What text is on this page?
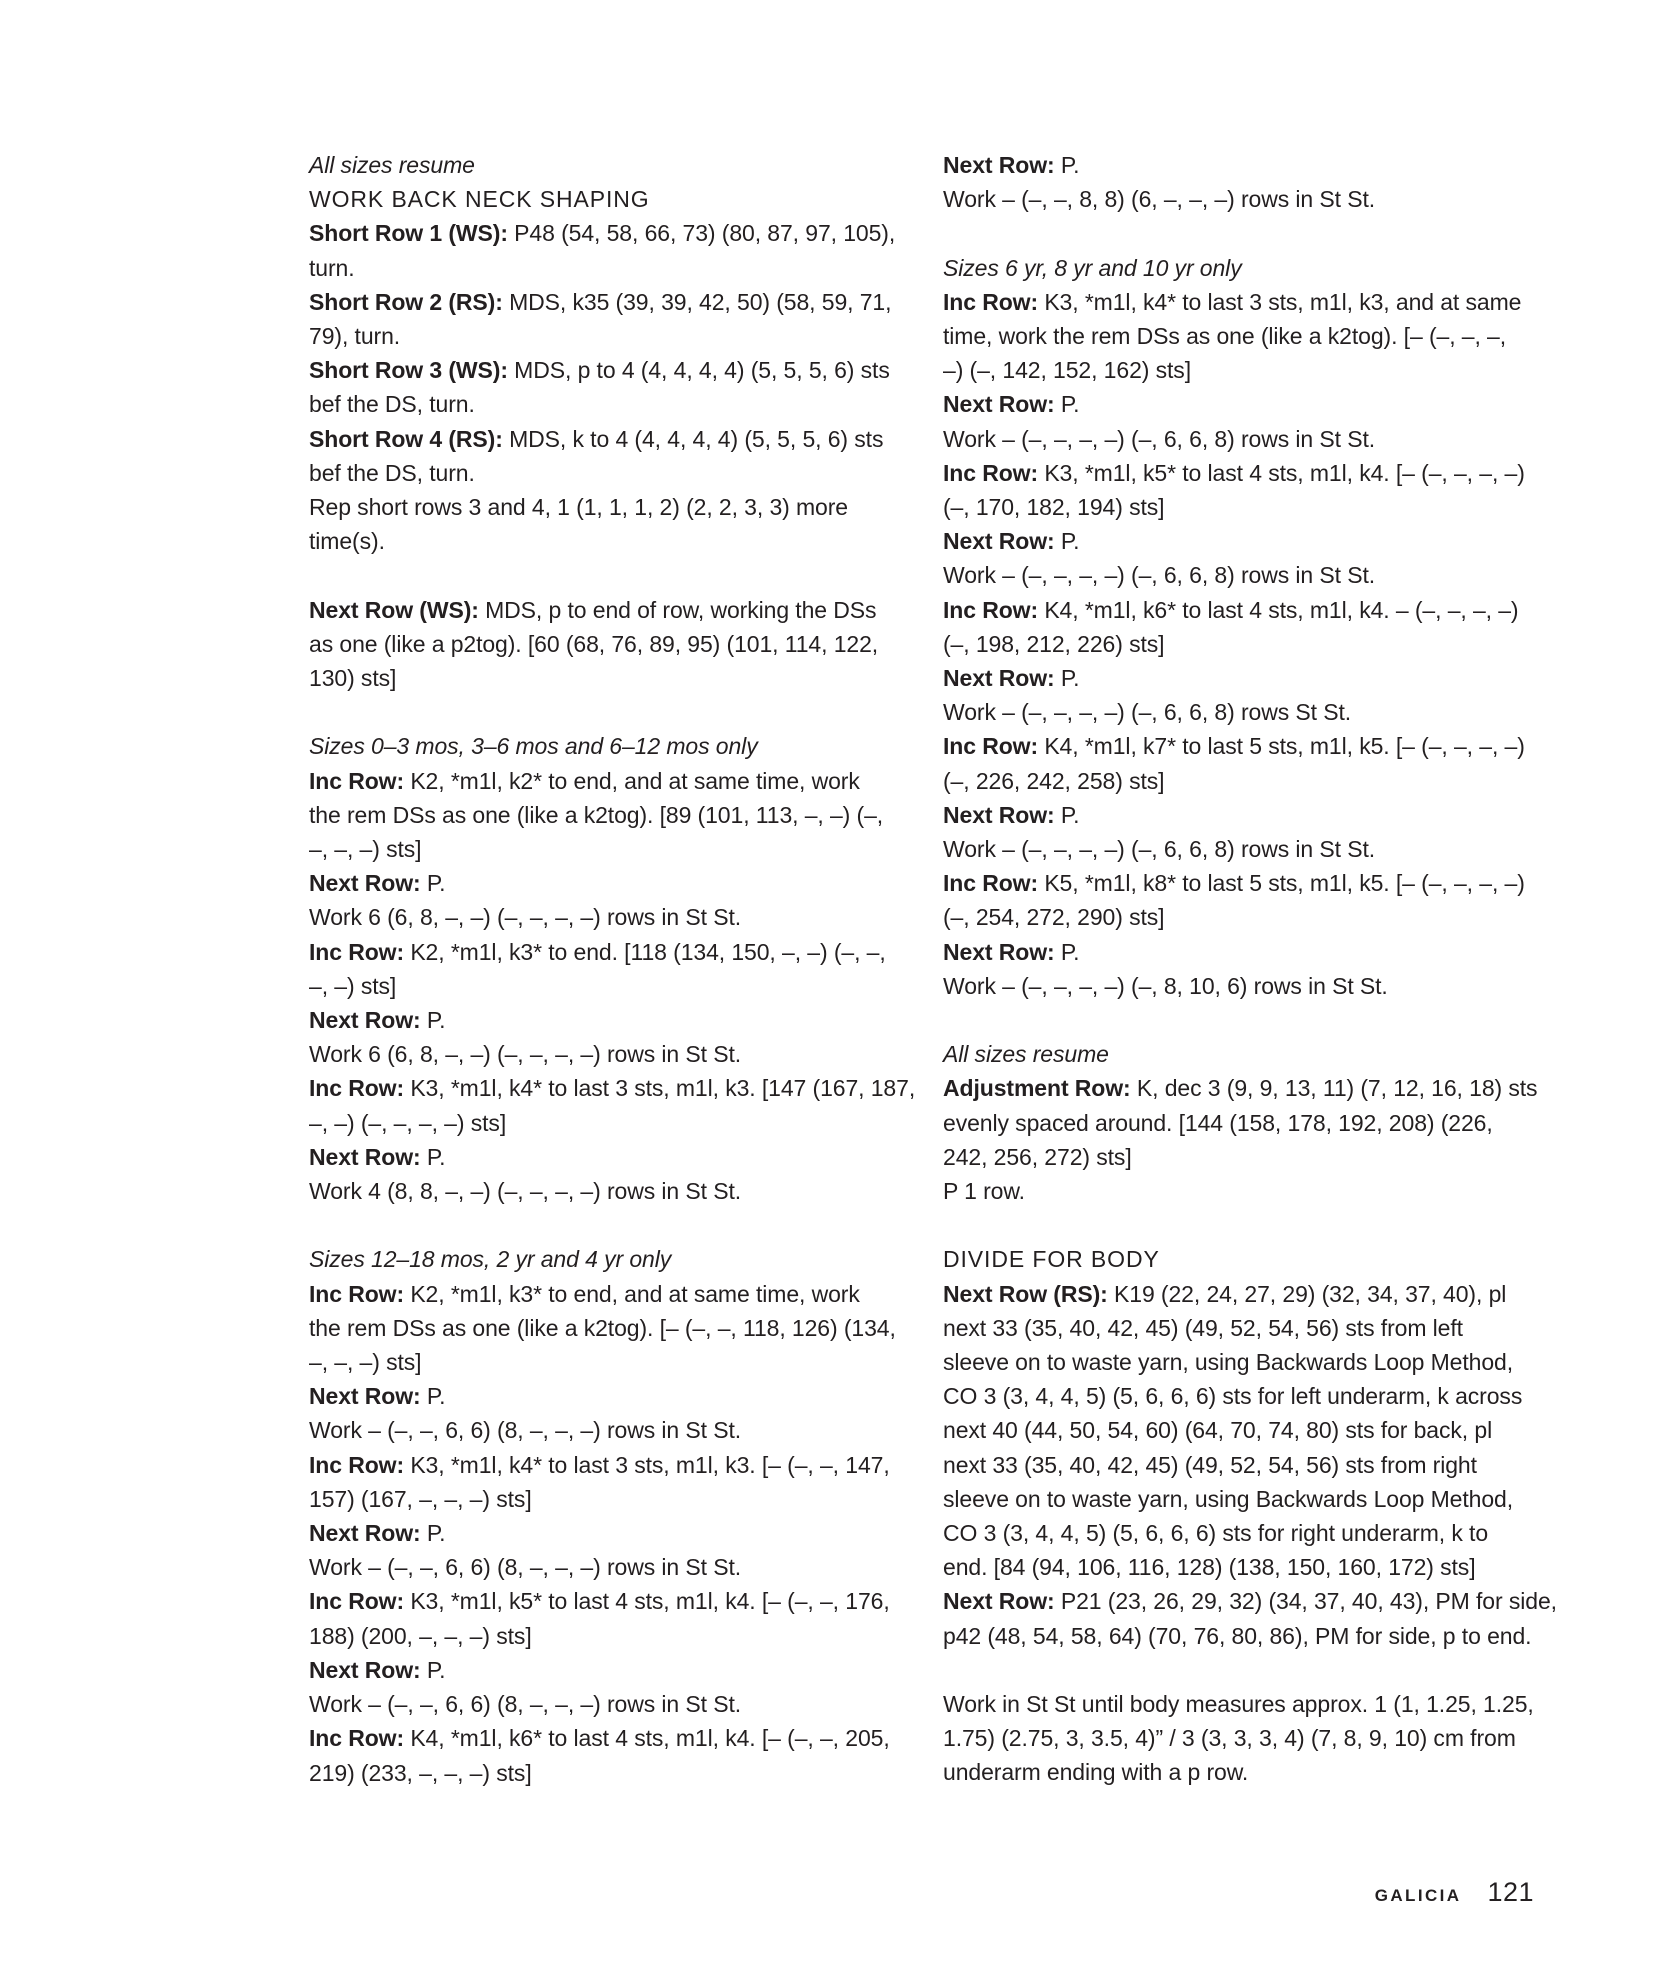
All sizes resume
WORK BACK NECK SHAPING
Short Row 1 (WS): P48 (54, 58, 66, 73) (80, 87, 97, 105),
turn.
Short Row 2 (RS): MDS, k35 (39, 39, 42, 50) (58, 59, 71,
79), turn.
Short Row 3 (WS): MDS, p to 4 (4, 4, 4, 4) (5, 5, 5, 6) sts
bef the DS, turn.
Short Row 4 (RS): MDS, k to 4 (4, 4, 4, 4) (5, 5, 5, 6) sts
bef the DS, turn.
Rep short rows 3 and 4, 1 (1, 1, 1, 2) (2, 2, 3, 3) more
time(s).
Next Row (WS): MDS, p to end of row, working the DSs
as one (like a p2tog). [60 (68, 76, 89, 95) (101, 114, 122,
130) sts]
Sizes 0–3 mos, 3–6 mos and 6–12 mos only
Inc Row: K2, *m1l, k2* to end, and at same time, work
the rem DSs as one (like a k2tog). [89 (101, 113, –, –) (–,
–, –, –) sts]
Next Row: P.
Work 6 (6, 8, –, –) (–, –, –, –) rows in St St.
Inc Row: K2, *m1l, k3* to end. [118 (134, 150, –, –) (–, –,
–, –) sts]
Next Row: P.
Work 6 (6, 8, –, –) (–, –, –, –) rows in St St.
Inc Row: K3, *m1l, k4* to last 3 sts, m1l, k3. [147 (167, 187,
–, –) (–, –, –, –) sts]
Next Row: P.
Work 4 (8, 8, –, –) (–, –, –, –) rows in St St.
Sizes 12–18 mos, 2 yr and 4 yr only
Inc Row: K2, *m1l, k3* to end, and at same time, work
the rem DSs as one (like a k2tog). [– (–, –, 118, 126) (134,
–, –, –) sts]
Next Row: P.
Work – (–, –, 6, 6) (8, –, –, –) rows in St St.
Inc Row: K3, *m1l, k4* to last 3 sts, m1l, k3. [– (–, –, 147,
157) (167, –, –, –) sts]
Next Row: P.
Work – (–, –, 6, 6) (8, –, –, –) rows in St St.
Inc Row: K3, *m1l, k5* to last 4 sts, m1l, k4. [– (–, –, 176,
188) (200, –, –, –) sts]
Next Row: P.
Work – (–, –, 6, 6) (8, –, –, –) rows in St St.
Inc Row: K4, *m1l, k6* to last 4 sts, m1l, k4. [– (–, –, 205,
219) (233, –, –, –) sts]
Next Row: P.
Work – (–, –, 8, 8) (6, –, –, –) rows in St St.
Sizes 6 yr, 8 yr and 10 yr only
Inc Row: K3, *m1l, k4* to last 3 sts, m1l, k3, and at same
time, work the rem DSs as one (like a k2tog). [– (–, –, –,
–) (–, 142, 152, 162) sts]
Next Row: P.
Work – (–, –, –, –) (–, 6, 6, 8) rows in St St.
Inc Row: K3, *m1l, k5* to last 4 sts, m1l, k4. [– (–, –, –, –)
(–, 170, 182, 194) sts]
Next Row: P.
Work – (–, –, –, –) (–, 6, 6, 8) rows in St St.
Inc Row: K4, *m1l, k6* to last 4 sts, m1l, k4. – (–, –, –, –)
(–, 198, 212, 226) sts]
Next Row: P.
Work – (–, –, –, –) (–, 6, 6, 8) rows St St.
Inc Row: K4, *m1l, k7* to last 5 sts, m1l, k5. [– (–, –, –, –)
(–, 226, 242, 258) sts]
Next Row: P.
Work – (–, –, –, –) (–, 6, 6, 8) rows in St St.
Inc Row: K5, *m1l, k8* to last 5 sts, m1l, k5. [– (–, –, –, –)
(–, 254, 272, 290) sts]
Next Row: P.
Work – (–, –, –, –) (–, 8, 10, 6) rows in St St.
All sizes resume
Adjustment Row: K, dec 3 (9, 9, 13, 11) (7, 12, 16, 18) sts
evenly spaced around. [144 (158, 178, 192, 208) (226,
242, 256, 272) sts]
P 1 row.
DIVIDE FOR BODY
Next Row (RS): K19 (22, 24, 27, 29) (32, 34, 37, 40), pl
next 33 (35, 40, 42, 45) (49, 52, 54, 56) sts from left
sleeve on to waste yarn, using Backwards Loop Method,
CO 3 (3, 4, 4, 5) (5, 6, 6, 6) sts for left underarm, k across
next 40 (44, 50, 54, 60) (64, 70, 74, 80) sts for back, pl
next 33 (35, 40, 42, 45) (49, 52, 54, 56) sts from right
sleeve on to waste yarn, using Backwards Loop Method,
CO 3 (3, 4, 4, 5) (5, 6, 6, 6) sts for right underarm, k to
end. [84 (94, 106, 116, 128) (138, 150, 160, 172) sts]
Next Row: P21 (23, 26, 29, 32) (34, 37, 40, 43), PM for side,
p42 (48, 54, 58, 64) (70, 76, 80, 86), PM for side, p to end.
Work in St St until body measures approx. 1 (1, 1.25, 1.25,
1.75) (2.75, 3, 3.5, 4)” / 3 (3, 3, 3, 4) (7, 8, 9, 10) cm from
underarm ending with a p row.
GALICIA 121
